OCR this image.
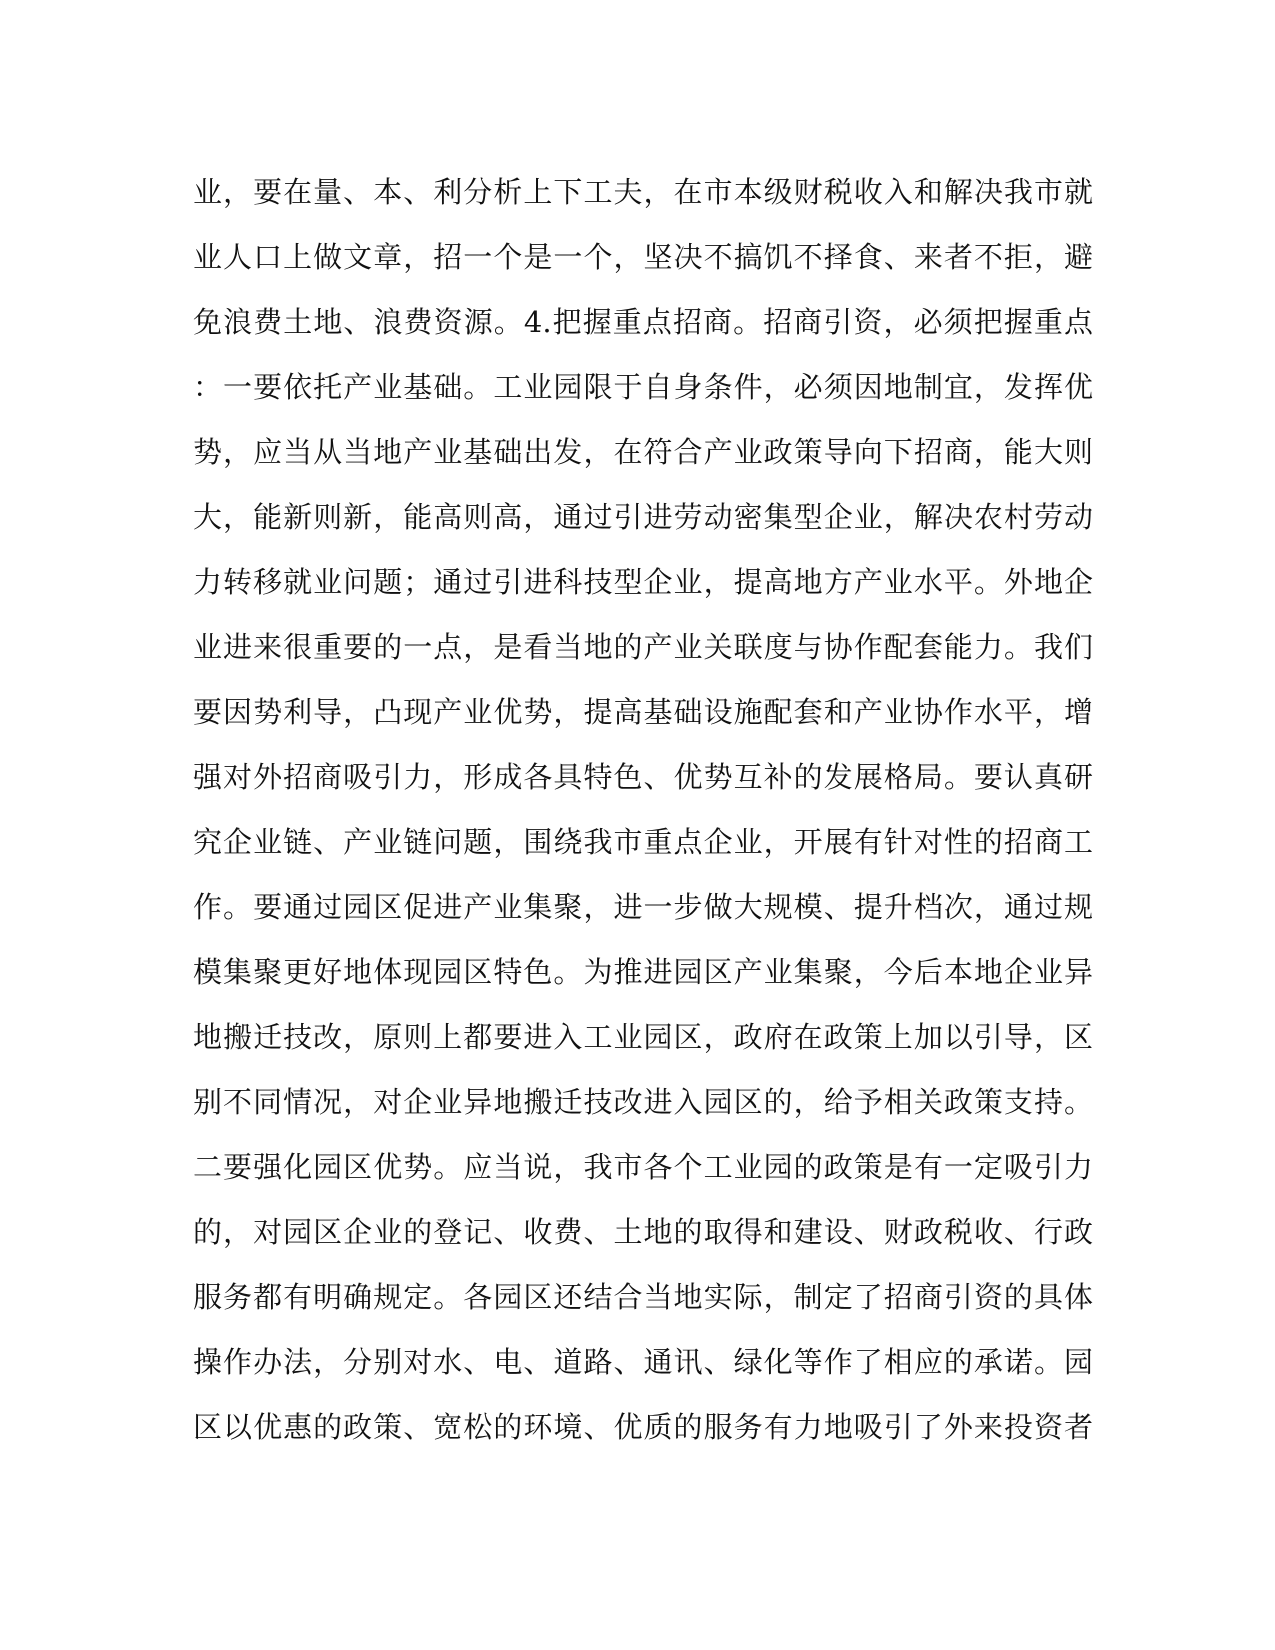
业，要在量、本、利分析上下工夫，在市本级财税收入和解决我市就
业人口上做文章，招一个是一个，坚决不搞饥不择食、来者不拒，避
免浪费土地、浪费资源。4.把握重点招商。招商引资，必须把握重点
：一要依托产业基础。工业园限于自身条件，必须因地制宜，发挥优
势，应当从当地产业基础出发，在符合产业政策导向下招商，能大则
大，能新则新，能高则高，通过引进劳动密集型企业，解决农村劳动
力转移就业问题；通过引进科技型企业，提高地方产业水平。外地企
业进来很重要的一点，是看当地的产业关联度与协作配套能力。我们
要因势利导，凸现产业优势，提高基础设施配套和产业协作水平，增
强对外招商吸引力，形成各具特色、优势互补的发展格局。要认真研
究企业链、产业链问题，围绕我市重点企业，开展有针对性的招商工
作。要通过园区促进产业集聚，进一步做大规模、提升档次，通过规
模集聚更好地体现园区特色。为推进园区产业集聚，今后本地企业异
地搬迁技改，原则上都要进入工业园区，政府在政策上加以引导，区
别不同情况，对企业异地搬迁技改进入园区的，给予相关政策支持。
二要强化园区优势。应当说，我市各个工业园的政策是有一定吸引力
的，对园区企业的登记、收费、土地的取得和建设、财政税收、行政
服务都有明确规定。各园区还结合当地实际，制定了招商引资的具体
操作办法，分别对水、电、道路、通讯、绿化等作了相应的承诺。园
区以优惠的政策、宽松的环境、优质的服务有力地吸引了外来投资者
